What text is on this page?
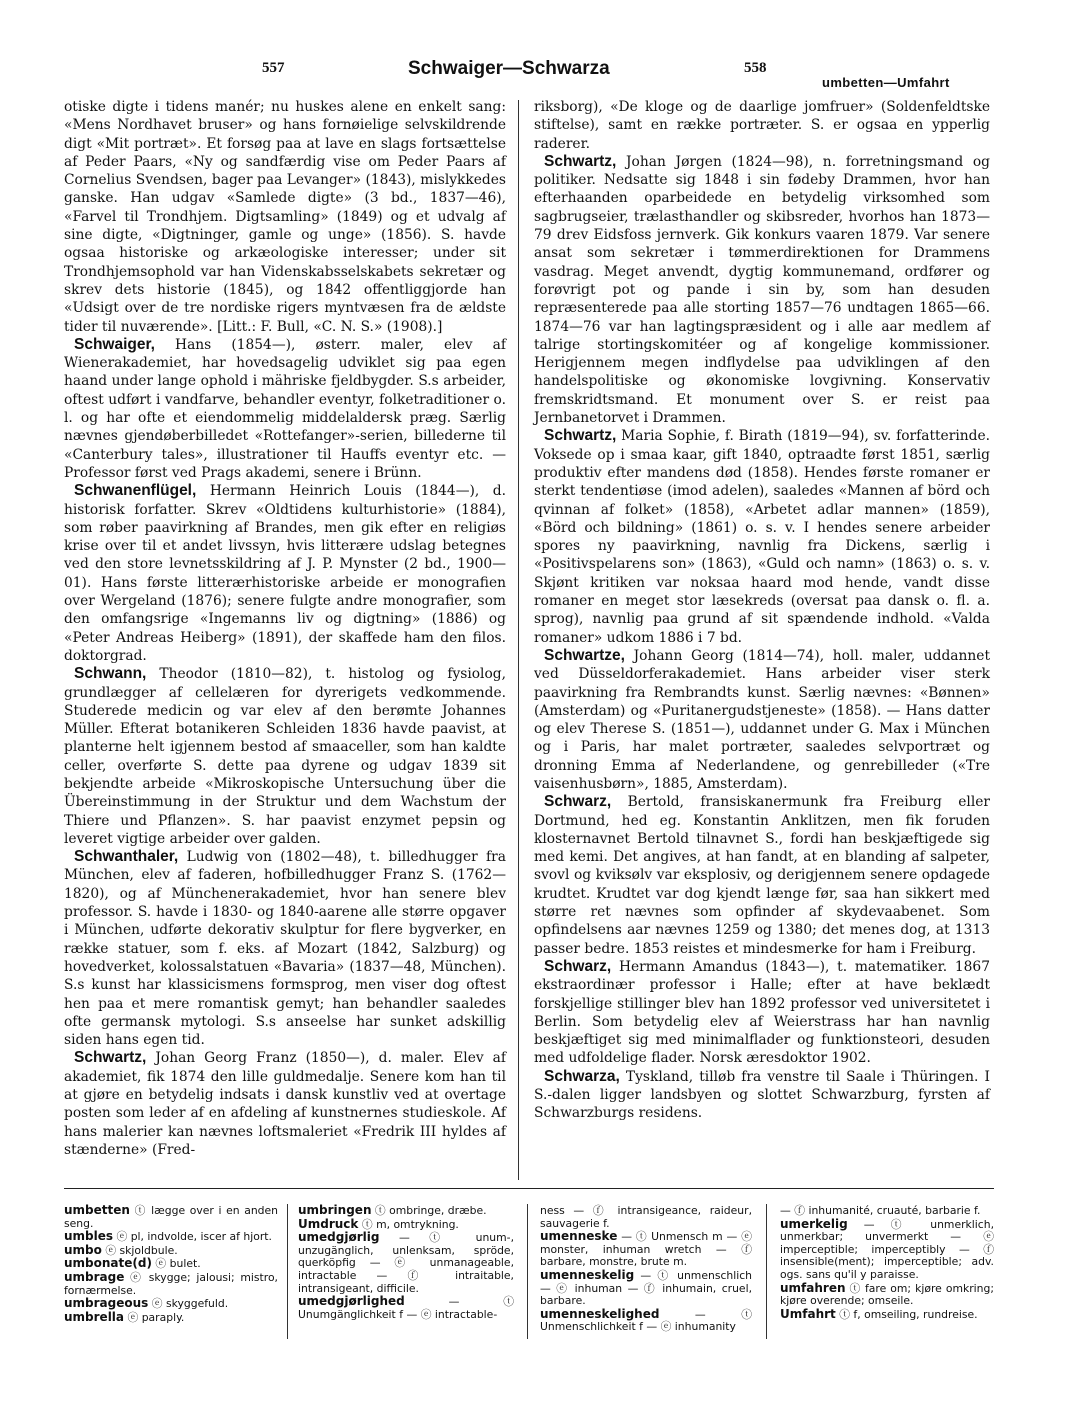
557	Schwaiger—Schwarza	558
umbetten—Umfahrt

otiske digte i tidens manér; nu huskes alene en enkelt sang: «Mens Nordhavet bruser» og hans fornøielige selvskildrende digt «Mit portræt». Et forsøg paa at lave en slags fortsættelse af Peder Paars, «Ny og sandfærdig vise om Peder Paars af Cornelius Svendsen, bager paa Levanger» (1843), mislykkedes ganske. Han udgav «Samlede digte» (3 bd., 1837—46), «Farvel til Trondhjem. Digtsamling» (1849) og et udvalg af sine digte, «Digtninger, gamle og unge» (1856). S. havde ogsaa historiske og arkæologiske interesser; under sit Trondhjemsophold var han Videnskabsselskabets sekretær og skrev dets historie (1845), og 1842 offentliggjorde han «Udsigt over de tre nordiske rigers myntvæsen fra de ældste tider til nuværende». [Litt.: F. Bull, «C. N. S.» (1908).]

Schwaiger, Hans (1854—), østerr. maler, elev af Wienerakademiet, har hovedsagelig udviklet sig paa egen haand under lange ophold i mähriske fjeldbygder. S.s arbeider, oftest udført i vandfarve, behandler eventyr, folketraditioner o. l. og har ofte et eiendommelig middelaldersk præg. Særlig nævnes gjendøberbilledet «Rottefanger»-serien, billederne til «Canterbury tales», illustrationer til Hauffs eventyr etc. — Professor først ved Prags akademi, senere i Brünn.

Schwanenflügel, Hermann Heinrich Louis (1844—), d. historisk forfatter. Skrev «Oldtidens kulturhistorie» (1884), som røber paavirkning af Brandes, men gik efter en religiøs krise over til et andet livssyn, hvis litterære udslag betegnes ved den store levnetsskildring af J. P. Mynster (2 bd., 1900—01). Hans første litterærhistoriske arbeide er monografien over Wergeland (1876); senere fulgte andre monografier, som den omfangsrige «Ingemanns liv og digtning» (1886) og «Peter Andreas Heiberg» (1891), der skaffede ham den filos. doktorgrad.

Schwann, Theodor (1810—82), t. histolog og fysiolog, grundlægger af cellelæren for dyrerigets vedkommende. Studerede medicin og var elev af den berømte Johannes Müller. Efterat botanikeren Schleiden 1836 havde paavist, at planterne helt igjennem bestod af smaaceller, som han kaldte celler, overførte S. dette paa dyrene og udgav 1839 sit bekjendte arbeide «Mikroskopische Untersuchung über die Übereinstimmung in der Struktur und dem Wachstum der Thiere und Pflanzen». S. har paavist enzymet pepsin og leveret vigtige arbeider over galden.

Schwanthaler, Ludwig von (1802—48), t. billedhugger fra München, elev af faderen, hofbilledhugger Franz S. (1762—1820), og af Münchenerakademiet, hvor han senere blev professor. S. havde i 1830- og 1840-aarene alle større opgaver i München, udførte dekorativ skulptur for flere bygverker, en række statuer, som f. eks. af Mozart (1842, Salzburg) og hovedverket, kolossalstatuen «Bavaria» (1837—48, München). S.s kunst har klassicismens formsprog, men viser dog oftest hen paa et mere romantisk gemyt; han behandler saaledes ofte germansk mytologi. S.s anseelse har sunket adskillig siden hans egen tid.

Schwartz, Johan Georg Franz (1850—), d. maler. Elev af akademiet, fik 1874 den lille guldmedalje. Senere kom han til at gjøre en betydelig indsats i dansk kunstliv ved at overtage posten som leder af en afdeling af kunstnernes studieskole. Af hans malerier kan nævnes loftsmaleriet «Fredrik III hyldes af stænderne» (Fred-

riksborg), «De kloge og de daarlige jomfruer» (Soldenfeldtske stiftelse), samt en række portræter. S. er ogsaa en ypperlig raderer.

Schwartz, Johan Jørgen (1824—98), n. forretningsmand og politiker. Nedsatte sig 1848 i sin fødeby Drammen, hvor han efterhaanden oparbeidede en betydelig virksomhed som sagbrugseier, trælasthandler og skibsreder, hvorhos han 1873—79 drev Eidsfoss jernverk. Gik konkurs vaaren 1879. Var senere ansat som sekretær i tømmerdirektionen for Drammens vasdrag. Meget anvendt, dygtig kommunemand, ordfører og forøvrigt pot og pande i sin by, som han desuden repræsenterede paa alle storting 1857—76 undtagen 1865—66. 1874—76 var han lagtingspræsident og i alle aar medlem af talrige stortingskomitéer og af kongelige kommissioner. Herigjennem megen indflydelse paa udviklingen af den handelspolitiske og økonomiske lovgivning. Konservativ fremskridtsmand. Et monument over S. er reist paa Jernbanetorvet i Drammen.

Schwartz, Maria Sophie, f. Birath (1819—94), sv. forfatterinde. Voksede op i smaa kaar, gift 1840, optraadte først 1851, særlig produktiv efter mandens død (1858). Hendes første romaner er sterkt tendentiøse (imod adelen), saaledes «Mannen af börd och qvinnan af folket» (1858), «Arbetet adlar mannen» (1859), «Börd och bildning» (1861) o. s. v. I hendes senere arbeider spores ny paavirkning, navnlig fra Dickens, særlig i «Positivspelarens son» (1863), «Guld och namn» (1863) o. s. v. Skjønt kritiken var noksaa haard mod hende, vandt disse romaner en meget stor læsekreds (oversat paa dansk o. fl. a. sprog), navnlig paa grund af sit spændende indhold. «Valda romaner» udkom 1886 i 7 bd.

Schwartze, Johann Georg (1814—74), holl. maler, uddannet ved Düsseldorferakademiet. Hans arbeider viser sterk paavirkning fra Rembrandts kunst. Særlig nævnes: «Bønnen» (Amsterdam) og «Puritanergudstjeneste» (1858). — Hans datter og elev Therese S. (1851—), uddannet under G. Max i München og i Paris, har malet portræter, saaledes selvportræt og dronning Emma af Nederlandene, og genrebilleder («Tre vaisenhusbørn», 1885, Amsterdam).

Schwarz, Bertold, fransiskanermunk fra Freiburg eller Dortmund, hed eg. Konstantin Anklitzen, men fik foruden klosternavnet Bertold tilnavnet S., fordi han beskjæftigede sig med kemi. Det angives, at han fandt, at en blanding af salpeter, svovl og kviksølv var eksplosiv, og derigjennem senere opdagede krudtet. Krudtet var dog kjendt længe før, saa han sikkert med større ret nævnes som opfinder af skydevaabenet. Som opfindelsens aar nævnes 1259 og 1380; det menes dog, at 1313 passer bedre. 1853 reistes et mindesmerke for ham i Freiburg.

Schwarz, Hermann Amandus (1843—), t. matematiker. 1867 ekstraordinær professor i Halle; efter at have beklædt forskjellige stillinger blev han 1892 professor ved universitetet i Berlin. Som betydelig elev af Weierstrass har han navnlig beskjæftiget sig med minimalflader og funktionsteori, desuden med udfoldelige flader. Norsk æresdoktor 1902.

Schwarza, Tyskland, tilløb fra venstre til Saale i Thüringen. I S.-dalen ligger landsbyen og slottet Schwarzburg, fyrsten af Schwarzburgs residens.

umbetten ⓣ lægge over i en anden seng.

umbles ⓔ pl, indvolde, iscer af hjort.

umbo ⓔ skjoldbule.

umbonate(d) ⓔ bulet.

umbrage ⓔ skygge; jalousi; mistro, fornærmelse.

umbrageous ⓔ skyggefuld.

umbrella ⓔ paraply.

umbringen ⓣ ombringe, dræbe.

Umdruck ⓣ m, omtrykning.

umedgjørlig — ⓣ unum-, unzugänglich, unlenksam, spröde, querköpfig — ⓔ unmanageable, intractable — ⓕ intraitable, intransigeant, difficile.

umedgjørlighed — ⓣ Unumgänglichkeit f — ⓔ intractable-

ness — ⓕ intransigeance, raideur, sauvagerie f.

umenneske — ⓣ Unmensch m — ⓔ monster, inhuman wretch — ⓕ barbare, monstre, brute m.

umenneskelig — ⓣ unmenschlich — ⓔ inhuman — ⓕ inhumain, cruel, barbare.

umenneskelighed — ⓣ Unmenschlichkeit f — ⓔ inhumanity

— ⓕ inhumanité, cruauté, barbarie f.

umerkelig — ⓣ unmerklich, unmerkbar; unvermerkt — ⓔ imperceptible; imperceptibly — ⓕ insensible(ment); imperceptible; adv. ogs. sans qu'il y paraisse.

umfahren ⓣ fare om; kjøre omkring; kjøre overende; omseile.

Umfahrt ⓣ f, omseiling, rundreise.
